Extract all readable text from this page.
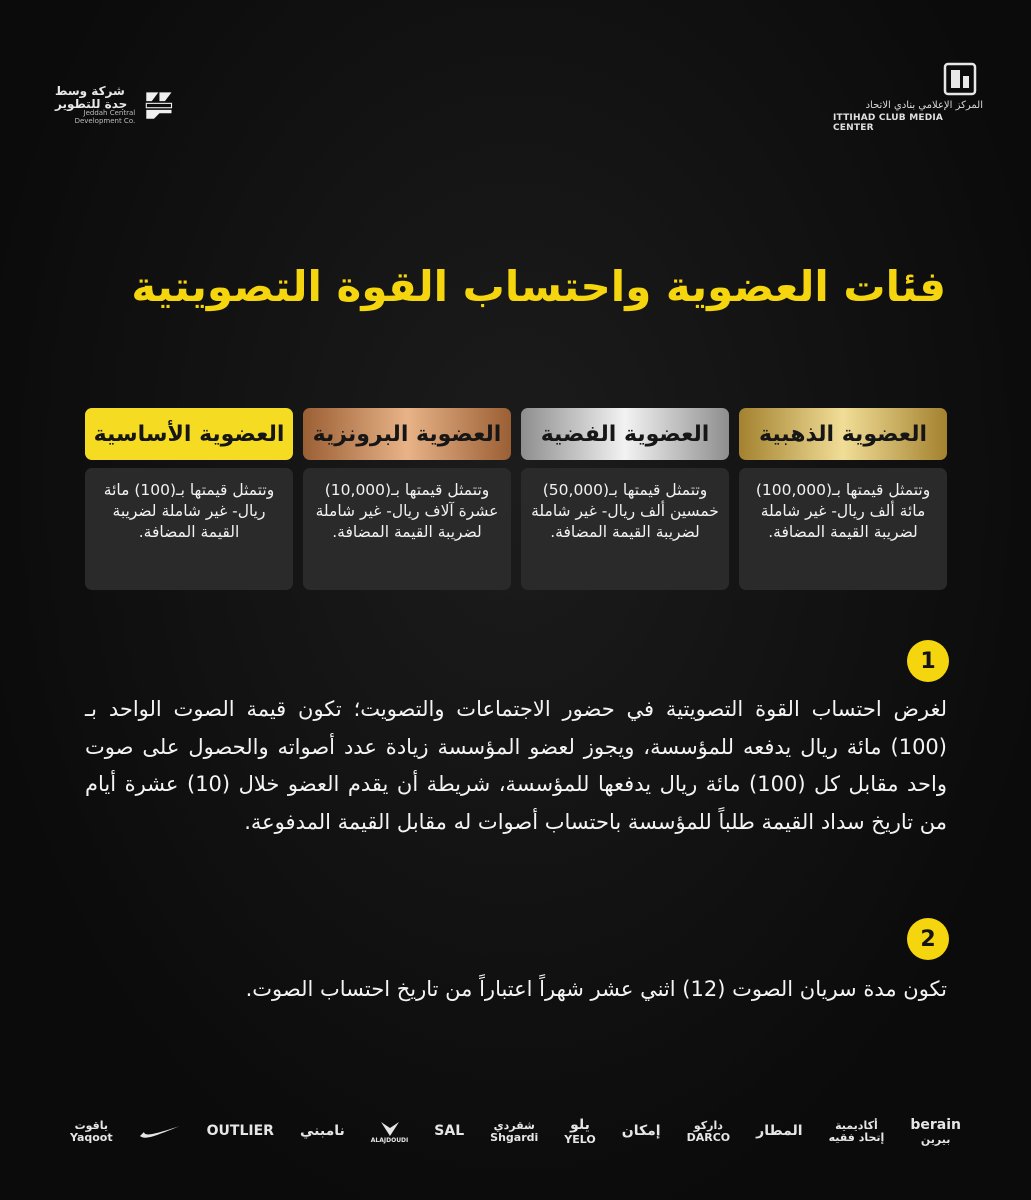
شركة وسط جدة للتطوير
Jeddah Central
Development Co.
المركز الإعلامي بنادي الاتحاد
ITTIHAD CLUB MEDIA CENTER
فئات العضوية واحتساب القوة التصويتية
العضوية الذهبية
وتتمثل قيمتها بـ(100,000) مائة ألف ريال- غير شاملة لضريبة القيمة المضافة.
العضوية الفضية
وتتمثل قيمتها بـ(50,000) خمسين ألف ريال- غير شاملة لضريبة القيمة المضافة.
العضوية البرونزية
وتتمثل قيمتها بـ(10,000) عشرة آلاف ريال- غير شاملة لضريبة القيمة المضافة.
العضوية الأساسية
وتتمثل قيمتها بـ(100) مائة ريال- غير شاملة لضريبة القيمة المضافة.
1

لغرض احتساب القوة التصويتية في حضور الاجتماعات والتصويت؛ تكون قيمة الصوت الواحد بـ (100) مائة ريال يدفعه للمؤسسة، ويجوز لعضو المؤسسة زيادة عدد أصواته والحصول على صوت واحد مقابل كل (100) مائة ريال يدفعها للمؤسسة، شريطة أن يقدم العضو خلال (10) عشرة أيام من تاريخ سداد القيمة طلباً للمؤسسة باحتساب أصوات له مقابل القيمة المدفوعة.

2

تكون مدة سريان الصوت (12) اثني عشر شهراً اعتباراً من تاريخ احتساب الصوت.

berain
بيرين
أكاديمية
إتحاد فقيه
المطار
دارکو
DARCO
إمكان
يلو
YELO
شقردي
Shgardi
SAL
ALAJDOUDI
نامبني
OUTLIER
ياقوت
Yaqoot
